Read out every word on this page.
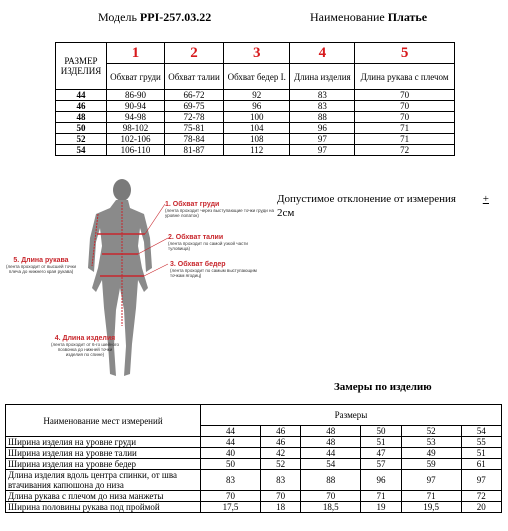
Модель PPI-257.03.22	Наименование Платье
РАЗМЕР ИЗДЕЛИЯ	1	2	3	4	5
	Обхват груди	Обхват талии	Обхват бедер I.	Длина изделия	Длина рукава с плечом
44	86-90	66-72	92	83	70
46	90-94	69-75	96	83	70
48	94-98	72-78	100	88	70
50	98-102	75-81	104	96	71
52	102-106	78-84	108	97	71
54	106-110	81-87	112	97	72
Допустимое отклонение от измерения +

2см
1. Обхват груди
(лента проходит через выступающие точки груди на уровне лопаток)
2. Обхват талии
(лента проходит по самой узкой части туловища)
3. Обхват бедер
(лента проходит по самым выступающим точкам ягодиц)
5. Длина рукава
(лента проходит от высшей точки плеча до нижнего края рукава)
4. Длина изделия
(лента проходит от 6-го шейного позвонка до нижней точки изделия по спине)
Замеры по изделию
Наименование мест измерений	Размеры					
	44	46	48	50	52	54
Ширина изделия на уровне груди	44	46	48	51	53	55
Ширина изделия на уровне талии	40	42	44	47	49	51
Ширина изделия на уровне бедер	50	52	54	57	59	61
Длина изделия вдоль центра спинки, от шва втачивания капюшона до низа	83	83	88	96	97	97
Длина рукава с плечом до низа манжеты	70	70	70	71	71	72
Ширина половины рукава под проймой	17,5	18	18,5	19	19,5	20
